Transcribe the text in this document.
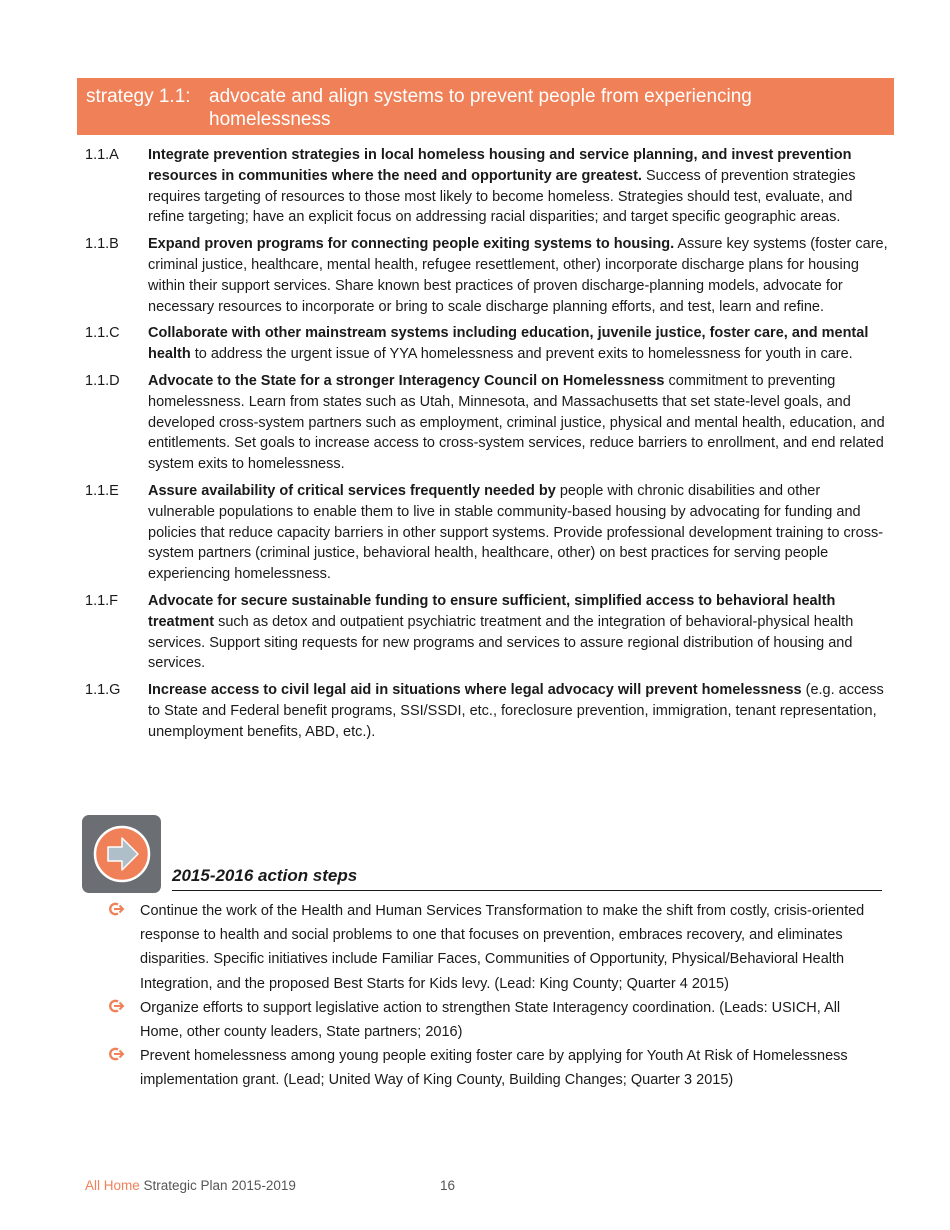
strategy 1.1: advocate and align systems to prevent people from experiencing homelessness
1.1.A Integrate prevention strategies in local homeless housing and service planning, and invest prevention resources in communities where the need and opportunity are greatest. Success of prevention strategies requires targeting of resources to those most likely to become homeless. Strategies should test, evaluate, and refine targeting; have an explicit focus on addressing racial disparities; and target specific geographic areas.
1.1.B Expand proven programs for connecting people exiting systems to housing. Assure key systems (foster care, criminal justice, healthcare, mental health, refugee resettlement, other) incorporate discharge plans for housing within their support services. Share known best practices of proven discharge-planning models, advocate for necessary resources to incorporate or bring to scale discharge planning efforts, and test, learn and refine.
1.1.C Collaborate with other mainstream systems including education, juvenile justice, foster care, and mental health to address the urgent issue of YYA homelessness and prevent exits to homelessness for youth in care.
1.1.D Advocate to the State for a stronger Interagency Council on Homelessness commitment to preventing homelessness. Learn from states such as Utah, Minnesota, and Massachusetts that set state-level goals, and developed cross-system partners such as employment, criminal justice, physical and mental health, education, and entitlements. Set goals to increase access to cross-system services, reduce barriers to enrollment, and end related system exits to homelessness.
1.1.E Assure availability of critical services frequently needed by people with chronic disabilities and other vulnerable populations to enable them to live in stable community-based housing by advocating for funding and policies that reduce capacity barriers in other support systems. Provide professional development training to cross-system partners (criminal justice, behavioral health, healthcare, other) on best practices for serving people experiencing homelessness.
1.1.F Advocate for secure sustainable funding to ensure sufficient, simplified access to behavioral health treatment such as detox and outpatient psychiatric treatment and the integration of behavioral-physical health services. Support siting requests for new programs and services to assure regional distribution of housing and services.
1.1.G Increase access to civil legal aid in situations where legal advocacy will prevent homelessness (e.g. access to State and Federal benefit programs, SSI/SSDI, etc., foreclosure prevention, immigration, tenant representation, unemployment benefits, ABD, etc.).
2015-2016 action steps
Continue the work of the Health and Human Services Transformation to make the shift from costly, crisis-oriented response to health and social problems to one that focuses on prevention, embraces recovery, and eliminates disparities. Specific initiatives include Familiar Faces, Communities of Opportunity, Physical/Behavioral Health Integration, and the proposed Best Starts for Kids levy. (Lead: King County; Quarter 4 2015)
Organize efforts to support legislative action to strengthen State Interagency coordination. (Leads: USICH, All Home, other county leaders, State partners; 2016)
Prevent homelessness among young people exiting foster care by applying for Youth At Risk of Homelessness implementation grant. (Lead; United Way of King County, Building Changes; Quarter 3 2015)
All Home Strategic Plan 2015-2019	16
